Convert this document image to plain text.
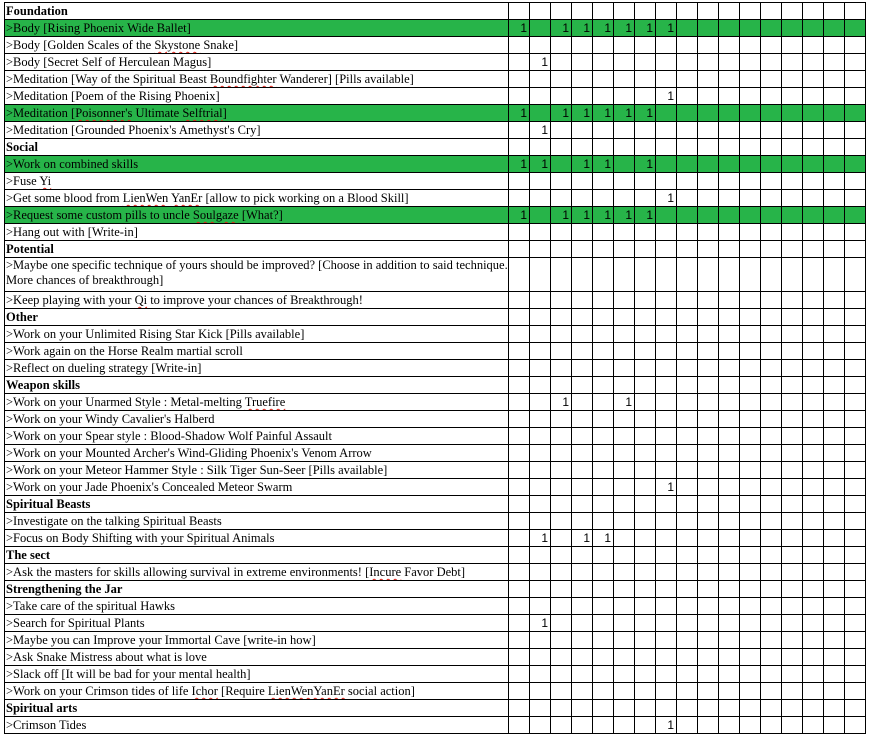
Foundation																	
>Body [Rising Phoenix Wide Ballet]	1		1	1	1	1	1	1									
>Body [Golden Scales of the Skystone Snake]																	
>Body [Secret Self of Herculean Magus]		1															
>Meditation [Way of the Spiritual Beast Boundfighter Wanderer] [Pills available]																	
>Meditation [Poem of the Rising Phoenix]								1									
>Meditation [Poisonner's Ultimate Selftrial]	1		1	1	1	1	1										
>Meditation [Grounded Phoenix's Amethyst's Cry]		1															
Social																	
>Work on combined skills	1	1		1	1		1										
>Fuse Yi																	
>Get some blood from LienWen YanEr [allow to pick working on a Blood Skill]								1									
>Request some custom pills to uncle Soulgaze [What?]	1		1	1	1	1	1										
>Hang out with [Write-in]																	
Potential																	
>Maybe one specific technique of yours should be improved? [Choose in addition to said technique. More chances of breakthrough]																	
>Keep playing with your Qi to improve your chances of Breakthrough!																	
Other																	
>Work on your Unlimited Rising Star Kick [Pills available]																	
>Work again on the Horse Realm martial scroll																	
>Reflect on dueling strategy [Write-in]																	
Weapon skills																	
>Work on your Unarmed Style : Metal-melting Truefire			1			1											
>Work on your Windy Cavalier's Halberd																	
>Work on your Spear style : Blood-Shadow Wolf Painful Assault																	
>Work on your Mounted Archer's Wind-Gliding Phoenix's Venom Arrow																	
>Work on your Meteor Hammer Style : Silk Tiger Sun-Seer [Pills available]																	
>Work on your Jade Phoenix's Concealed Meteor Swarm								1									
Spiritual Beasts																	
>Investigate on the talking Spiritual Beasts																	
>Focus on Body Shifting with your Spiritual Animals		1		1	1												
The sect																	
>Ask the masters for skills allowing survival in extreme environments! [Incure Favor Debt]																	
Strengthening the Jar																	
>Take care of the spiritual Hawks																	
>Search for Spiritual Plants		1															
>Maybe you can Improve your Immortal Cave [write-in how]																	
>Ask Snake Mistress about what is love																	
>Slack off [It will be bad for your mental health]																	
>Work on your Crimson tides of life Ichor [Require LienWenYanEr social action]																	
Spiritual arts																	
>Crimson Tides								1									
